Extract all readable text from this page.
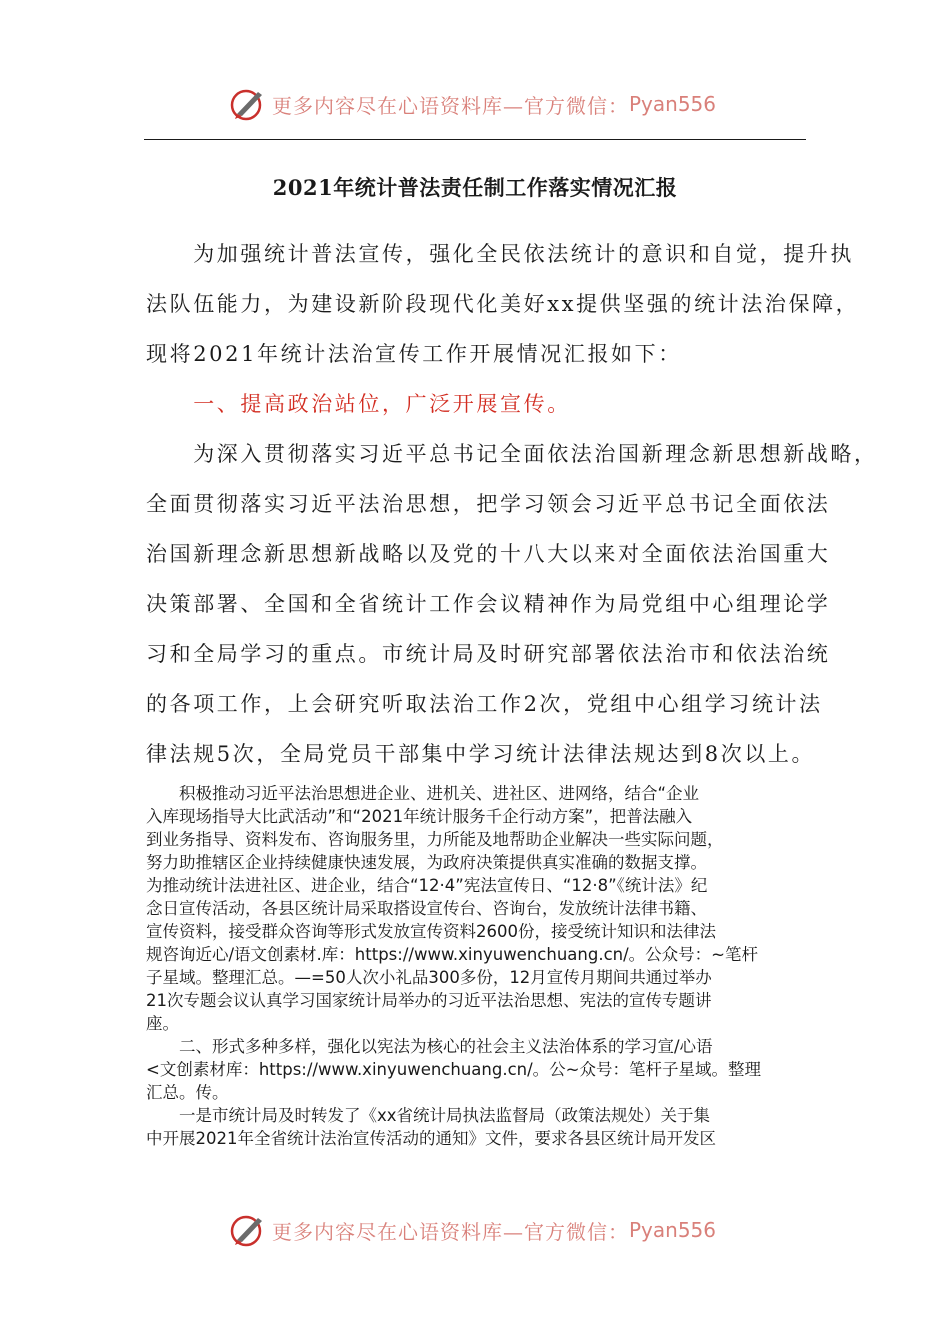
更多内容尽在心语资料库—官方微信： Pyan556
2021年统计普法责任制工作落实情况汇报

　　为加强统计普法宣传，强化全民依法统计的意识和自觉，提升执

法队伍能力，为建设新阶段现代化美好xx提供坚强的统计法治保障，

现将2021年统计法治宣传工作开展情况汇报如下：

　　一、提高政治站位，广泛开展宣传。

　　为深入贯彻落实习近平总书记全面依法治国新理念新思想新战略，

全面贯彻落实习近平法治思想，把学习领会习近平总书记全面依法

治国新理念新思想新战略以及党的十八大以来对全面依法治国重大

决策部署、全国和全省统计工作会议精神作为局党组中心组理论学

习和全局学习的重点。市统计局及时研究部署依法治市和依法治统

的各项工作，上会研究听取法治工作2次，党组中心组学习统计法

律法规5次，全局党员干部集中学习统计法律法规达到8次以上。

　　积极推动习近平法治思想进企业、进机关、进社区、进网络，结合“企业

入库现场指导大比武活动”和“2021年统计服务千企行动方案”，把普法融入

到业务指导、资料发布、咨询服务里，力所能及地帮助企业解决一些实际问题，

努力助推辖区企业持续健康快速发展，为政府决策提供真实准确的数据支撑。

为推动统计法进社区、进企业，结合“12·4”宪法宣传日、“12·8”《统计法》纪

念日宣传活动，各县区统计局采取搭设宣传台、咨询台，发放统计法律书籍、

宣传资料，接受群众咨询等形式发放宣传资料2600份，接受统计知识和法律法

规咨询近心/语文创素材.库：https://www.xinyuwenchuang.cn/。公众号：~笔杆

子星域。整理汇总。—=50人次小礼品300多份，12月宣传月期间共通过举办

21次专题会议认真学习国家统计局举办的习近平法治思想、宪法的宣传专题讲

座。

　　二、形式多种多样，强化以宪法为核心的社会主义法治体系的学习宣/心语

<文创素材库：https://www.xinyuwenchuang.cn/。公~众号：笔杆子星域。整理

汇总。传。

　　一是市统计局及时转发了《xx省统计局执法监督局（政策法规处）关于集

中开展2021年全省统计法治宣传活动的通知》文件，要求各县区统计局开发区

更多内容尽在心语资料库—官方微信： Pyan556
